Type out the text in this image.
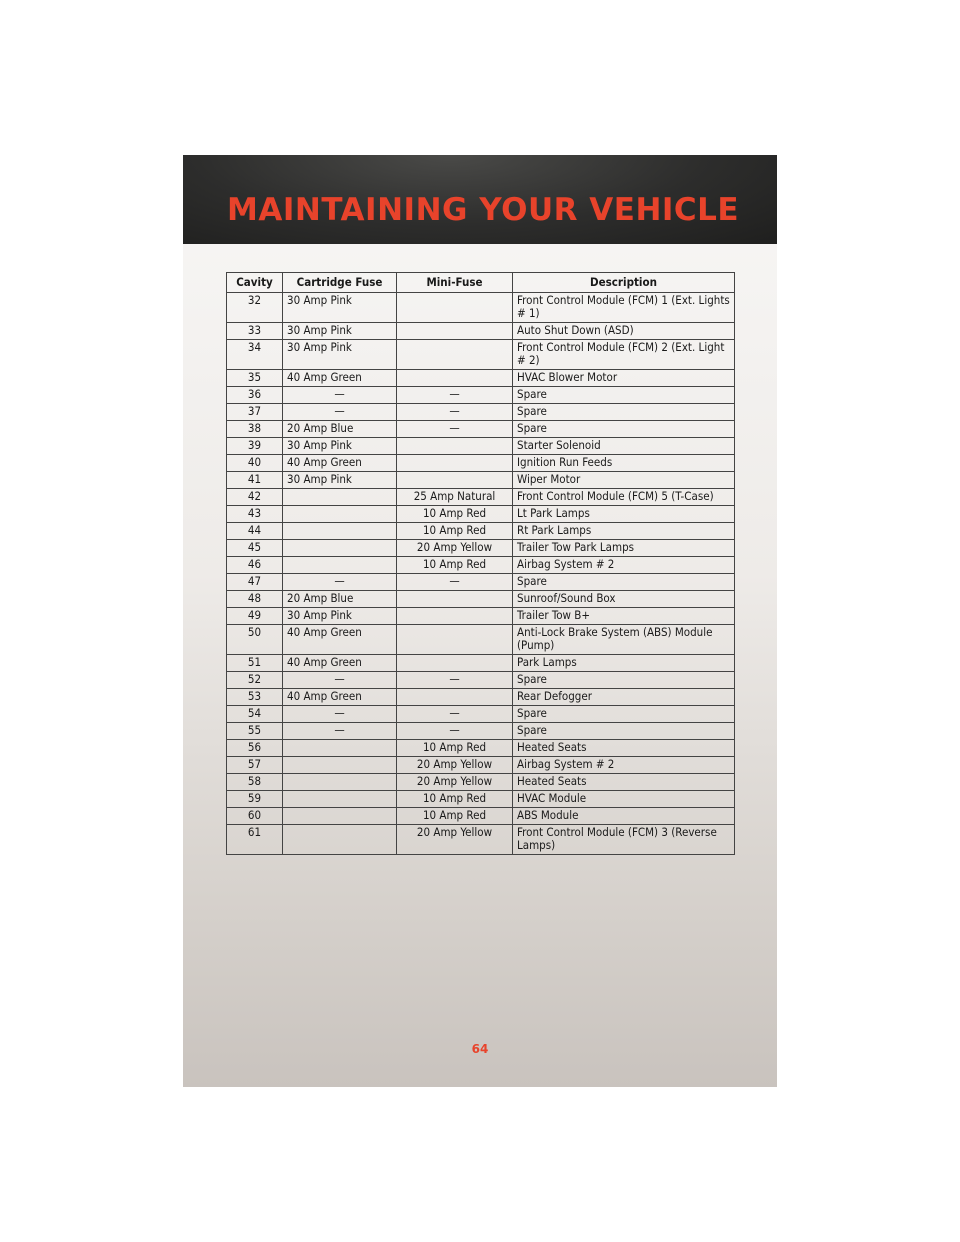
MAINTAINING YOUR VEHICLE
Cavity	Cartridge Fuse	Mini-Fuse	Description
32	30 Amp Pink		Front Control Module (FCM) 1 (Ext. Lights # 1)
33	30 Amp Pink		Auto Shut Down (ASD)
34	30 Amp Pink		Front Control Module (FCM) 2 (Ext. Light # 2)
35	40 Amp Green		HVAC Blower Motor
36	—	—	Spare
37	—	—	Spare
38	20 Amp Blue	—	Spare
39	30 Amp Pink		Starter Solenoid
40	40 Amp Green		Ignition Run Feeds
41	30 Amp Pink		Wiper Motor
42		25 Amp Natural	Front Control Module (FCM) 5 (T-Case)
43		10 Amp Red	Lt Park Lamps
44		10 Amp Red	Rt Park Lamps
45		20 Amp Yellow	Trailer Tow Park Lamps
46		10 Amp Red	Airbag System # 2
47	—	—	Spare
48	20 Amp Blue		Sunroof/Sound Box
49	30 Amp Pink		Trailer Tow B+
50	40 Amp Green		Anti-Lock Brake System (ABS) Module (Pump)
51	40 Amp Green		Park Lamps
52	—	—	Spare
53	40 Amp Green		Rear Defogger
54	—	—	Spare
55	—	—	Spare
56		10 Amp Red	Heated Seats
57		20 Amp Yellow	Airbag System # 2
58		20 Amp Yellow	Heated Seats
59		10 Amp Red	HVAC Module
60		10 Amp Red	ABS Module
61		20 Amp Yellow	Front Control Module (FCM) 3 (Reverse Lamps)
64
